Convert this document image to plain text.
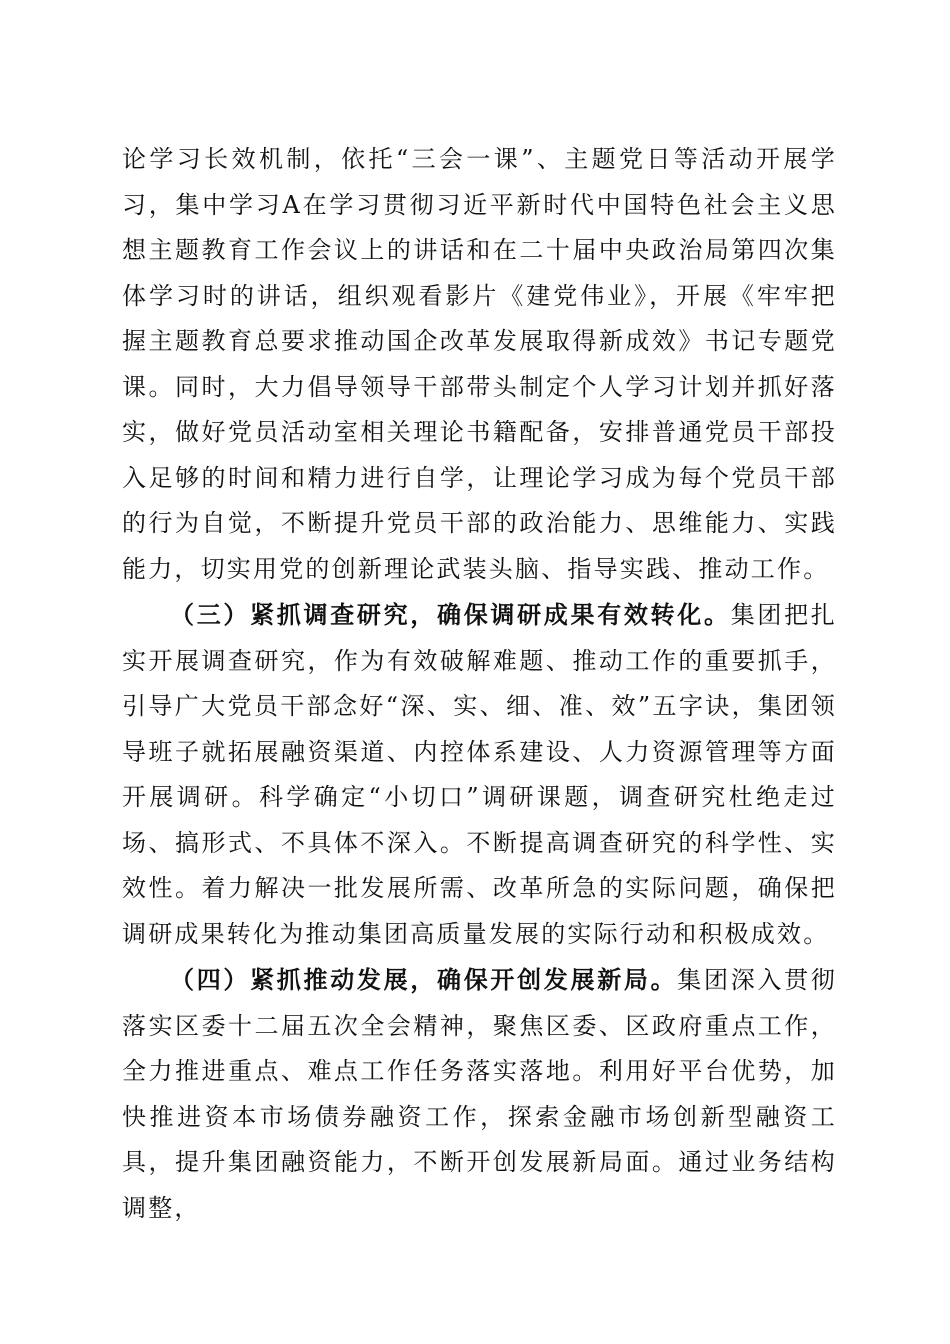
论学习长效机制，依托“三会一课”、主题党日等活动开展学习，集中学习A在学习贯彻习近平新时代中国特色社会主义思想主题教育工作会议上的讲话和在二十届中央政治局第四次集体学习时的讲话，组织观看影片《建党伟业》，开展《牢牢把握主题教育总要求推动国企改革发展取得新成效》书记专题党课。同时，大力倡导领导干部带头制定个人学习计划并抓好落实，做好党员活动室相关理论书籍配备，安排普通党员干部投入足够的时间和精力进行自学，让理论学习成为每个党员干部的行为自觉，不断提升党员干部的政治能力、思维能力、实践能力，切实用党的创新理论武装头脑、指导实践、推动工作。

（三）紧抓调查研究，确保调研成果有效转化。集团把扎实开展调查研究，作为有效破解难题、推动工作的重要抓手，引导广大党员干部念好“深、实、细、准、效”五字诀，集团领导班子就拓展融资渠道、内控体系建设、人力资源管理等方面开展调研。科学确定“小切口”调研课题，调查研究杜绝走过场、搞形式、不具体不深入。不断提高调查研究的科学性、实效性。着力解决一批发展所需、改革所急的实际问题，确保把调研成果转化为推动集团高质量发展的实际行动和积极成效。

（四）紧抓推动发展，确保开创发展新局。集团深入贯彻落实区委十二届五次全会精神，聚焦区委、区政府重点工作，全力推进重点、难点工作任务落实落地。利用好平台优势，加快推进资本市场债券融资工作，探索金融市场创新型融资工具，提升集团融资能力，不断开创发展新局面。通过业务结构调整，
